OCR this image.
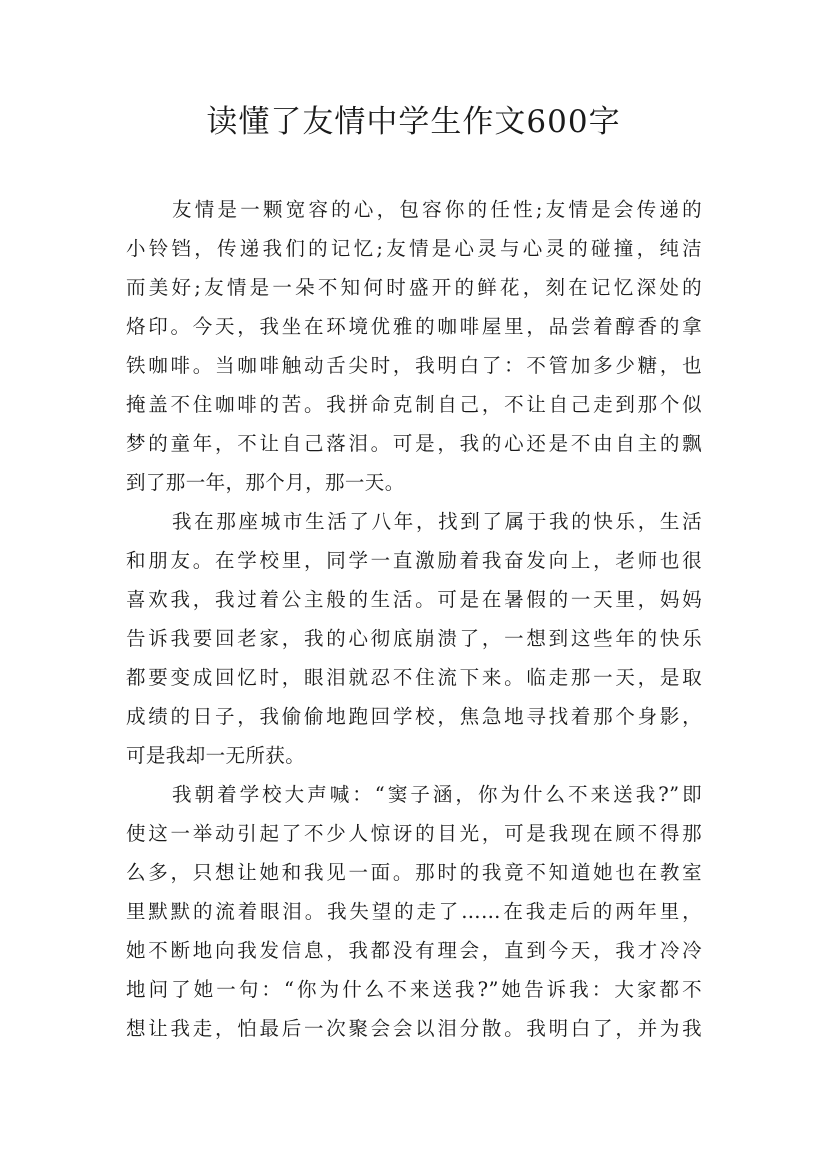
读懂了友情中学生作文600字
友情是一颗宽容的心，包容你的任性;友情是会传递的
小铃铛，传递我们的记忆;友情是心灵与心灵的碰撞，纯洁
而美好;友情是一朵不知何时盛开的鲜花，刻在记忆深处的
烙印。今天，我坐在环境优雅的咖啡屋里，品尝着醇香的拿
铁咖啡。当咖啡触动舌尖时，我明白了：不管加多少糖，也
掩盖不住咖啡的苦。我拼命克制自己，不让自己走到那个似
梦的童年，不让自己落泪。可是，我的心还是不由自主的飘
到了那一年，那个月，那一天。
我在那座城市生活了八年，找到了属于我的快乐，生活
和朋友。在学校里，同学一直激励着我奋发向上，老师也很
喜欢我，我过着公主般的生活。可是在暑假的一天里，妈妈
告诉我要回老家，我的心彻底崩溃了，一想到这些年的快乐
都要变成回忆时，眼泪就忍不住流下来。临走那一天，是取
成绩的日子，我偷偷地跑回学校，焦急地寻找着那个身影，
可是我却一无所获。
我朝着学校大声喊：“窦子涵，你为什么不来送我?”即
使这一举动引起了不少人惊讶的目光，可是我现在顾不得那
么多，只想让她和我见一面。那时的我竟不知道她也在教室
里默默的流着眼泪。我失望的走了……在我走后的两年里，
她不断地向我发信息，我都没有理会，直到今天，我才冷冷
地问了她一句：“你为什么不来送我?”她告诉我：大家都不
想让我走，怕最后一次聚会会以泪分散。我明白了，并为我
